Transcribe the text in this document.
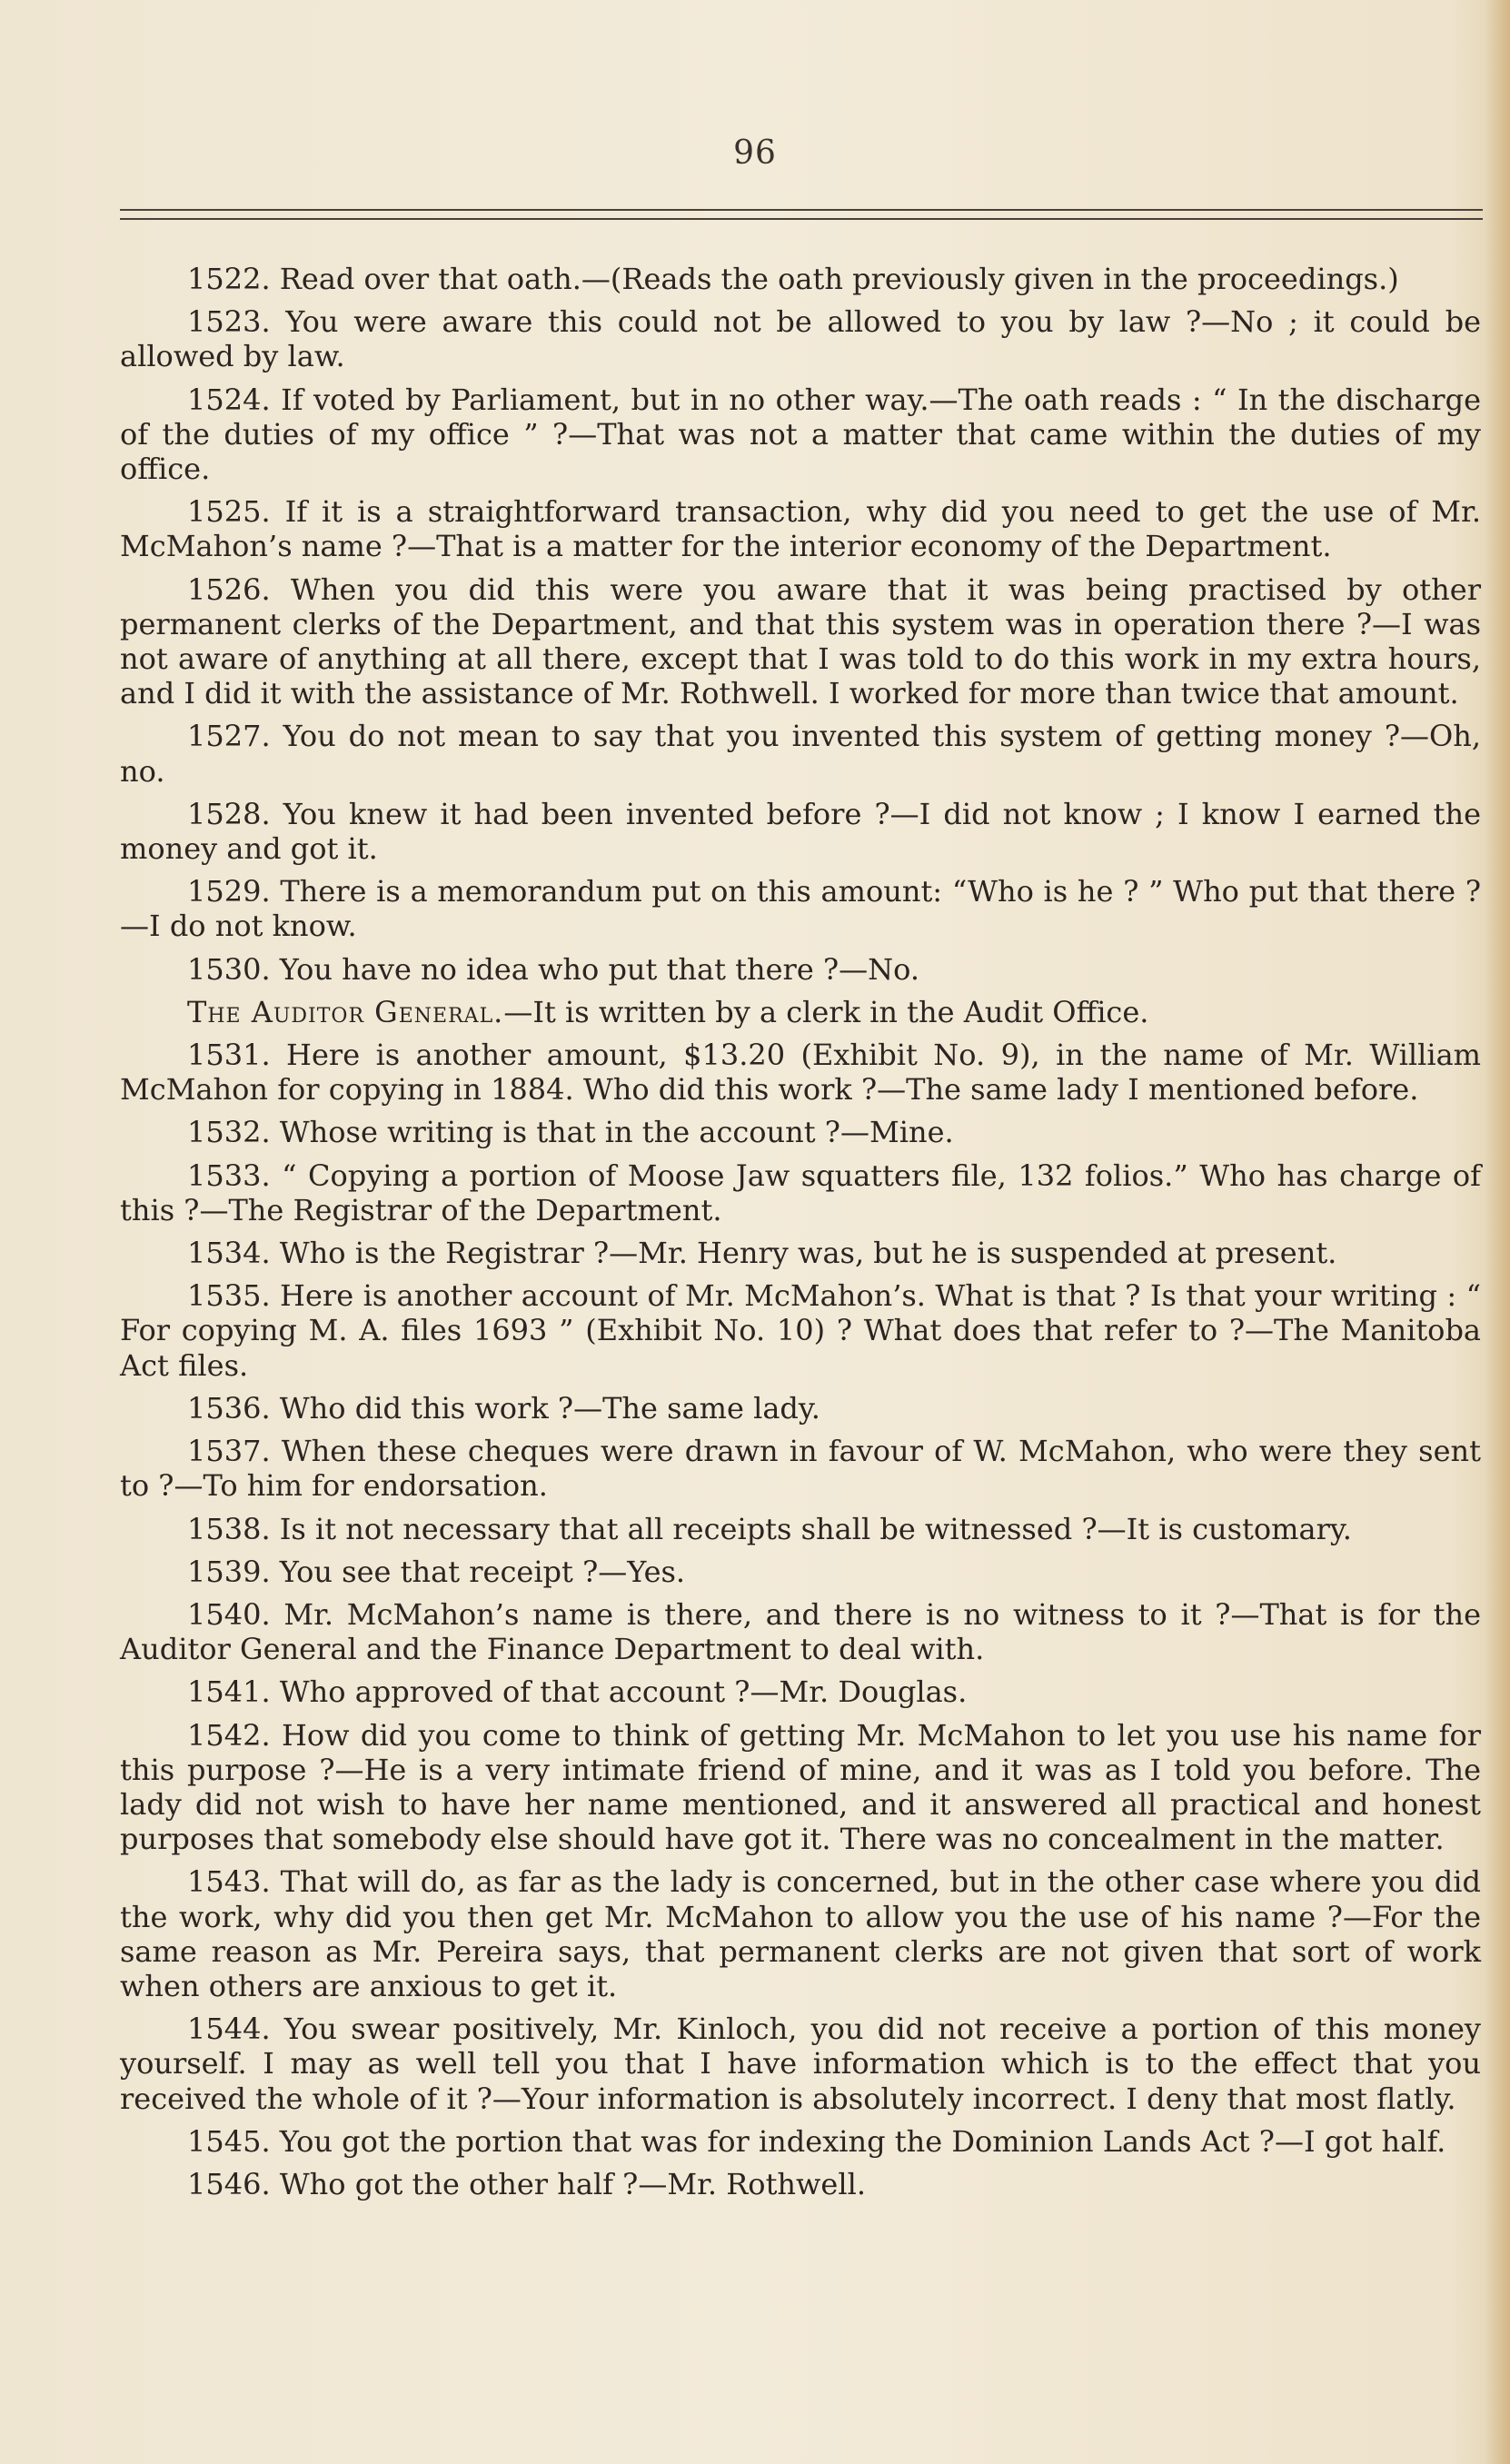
96

1522. Read over that oath.—(Reads the oath previously given in the proceedings.)

1523. You were aware this could not be allowed to you by law ?—No ; it could be allowed by law.

1524. If voted by Parliament, but in no other way.—The oath reads : “ In the discharge of the duties of my office ” ?—That was not a matter that came within the duties of my office.

1525. If it is a straightforward transaction, why did you need to get the use of Mr. McMahon’s name ?—That is a matter for the interior economy of the Department.

1526. When you did this were you aware that it was being practised by other permanent clerks of the Department, and that this system was in operation there ?—I was not aware of anything at all there, except that I was told to do this work in my extra hours, and I did it with the assistance of Mr. Rothwell. I worked for more than twice that amount.

1527. You do not mean to say that you invented this system of getting money ?—Oh, no.

1528. You knew it had been invented before ?—I did not know ; I know I earned the money and got it.

1529. There is a memorandum put on this amount: “Who is he ? ” Who put that there ?—I do not know.

1530. You have no idea who put that there ?—No.

The Auditor General.—It is written by a clerk in the Audit Office.

1531. Here is another amount, $13.20 (Exhibit No. 9), in the name of Mr. William McMahon for copying in 1884. Who did this work ?—The same lady I mentioned before.

1532. Whose writing is that in the account ?—Mine.

1533. “ Copying a portion of Moose Jaw squatters file, 132 folios.” Who has charge of this ?—The Registrar of the Department.

1534. Who is the Registrar ?—Mr. Henry was, but he is suspended at present.

1535. Here is another account of Mr. McMahon’s. What is that ? Is that your writing : “ For copying M. A. files 1693 ” (Exhibit No. 10) ? What does that refer to ?—The Manitoba Act files.

1536. Who did this work ?—The same lady.

1537. When these cheques were drawn in favour of W. McMahon, who were they sent to ?—To him for endorsation.

1538. Is it not necessary that all receipts shall be witnessed ?—It is customary.

1539. You see that receipt ?—Yes.

1540. Mr. McMahon’s name is there, and there is no witness to it ?—That is for the Auditor General and the Finance Department to deal with.

1541. Who approved of that account ?—Mr. Douglas.

1542. How did you come to think of getting Mr. McMahon to let you use his name for this purpose ?—He is a very intimate friend of mine, and it was as I told you before. The lady did not wish to have her name mentioned, and it answered all practical and honest purposes that somebody else should have got it. There was no concealment in the matter.

1543. That will do, as far as the lady is concerned, but in the other case where you did the work, why did you then get Mr. McMahon to allow you the use of his name ?—For the same reason as Mr. Pereira says, that permanent clerks are not given that sort of work when others are anxious to get it.

1544. You swear positively, Mr. Kinloch, you did not receive a portion of this money yourself. I may as well tell you that I have information which is to the effect that you received the whole of it ?—Your information is absolutely incorrect. I deny that most flatly.

1545. You got the portion that was for indexing the Dominion Lands Act ?—I got half.

1546. Who got the other half ?—Mr. Rothwell.
